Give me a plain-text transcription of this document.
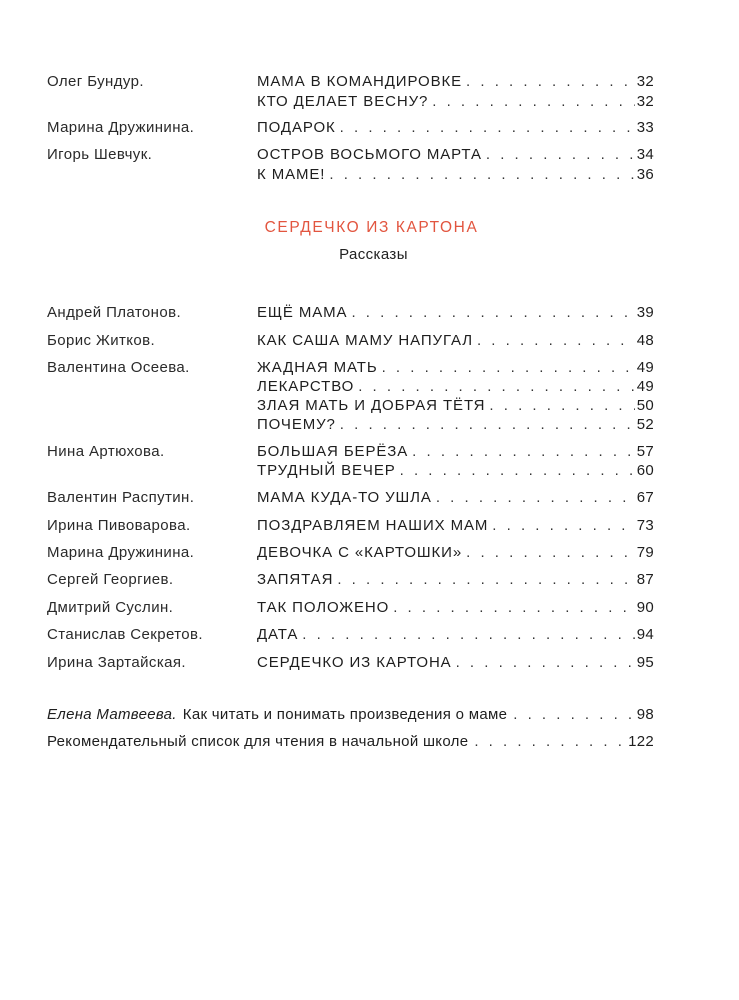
Олег Бундур.	МАМА В КОМАНДИРОВКЕ . . .	32
КТО ДЕЛАЕТ ВЕСНУ? . . .	32
Марина Дружинина.	ПОДАРОК . . .	33
Игорь Шевчук.	ОСТРОВ ВОСЬМОГО МАРТА . . .	34
К МАМЕ! . . .	36
СЕРДЕЧКО ИЗ КАРТОНА
Рассказы
Андрей Платонов.	ЕЩЁ МАМА . . .	39
Борис Житков.	КАК САША МАМУ НАПУГАЛ . . .	48
Валентина Осеева.	ЖАДНАЯ МАТЬ . . .	49
ЛЕКАРСТВО . . .	49
ЗЛАЯ МАТЬ И ДОБРАЯ ТЁТЯ . . .	50
ПОЧЕМУ? . . .	52
Нина Артюхова.	БОЛЬШАЯ БЕРЁЗА . . .	57
ТРУДНЫЙ ВЕЧЕР . . .	60
Валентин Распутин.	МАМА КУДА-ТО УШЛА . . .	67
Ирина Пивоварова.	ПОЗДРАВЛЯЕМ НАШИХ МАМ . . .	73
Марина Дружинина.	ДЕВОЧКА С «КАРТОШКИ» . . .	79
Сергей Георгиев.	ЗАПЯТАЯ . . .	87
Дмитрий Суслин.	ТАК ПОЛОЖЕНО . . .	90
Станислав Секретов.	ДАТА . . .	94
Ирина Зартайская.	СЕРДЕЧКО ИЗ КАРТОНА . . .	95
Елена Матвеева. Как читать и понимать произведения о маме . . .	98
Рекомендательный список для чтения в начальной школе . . .	122
